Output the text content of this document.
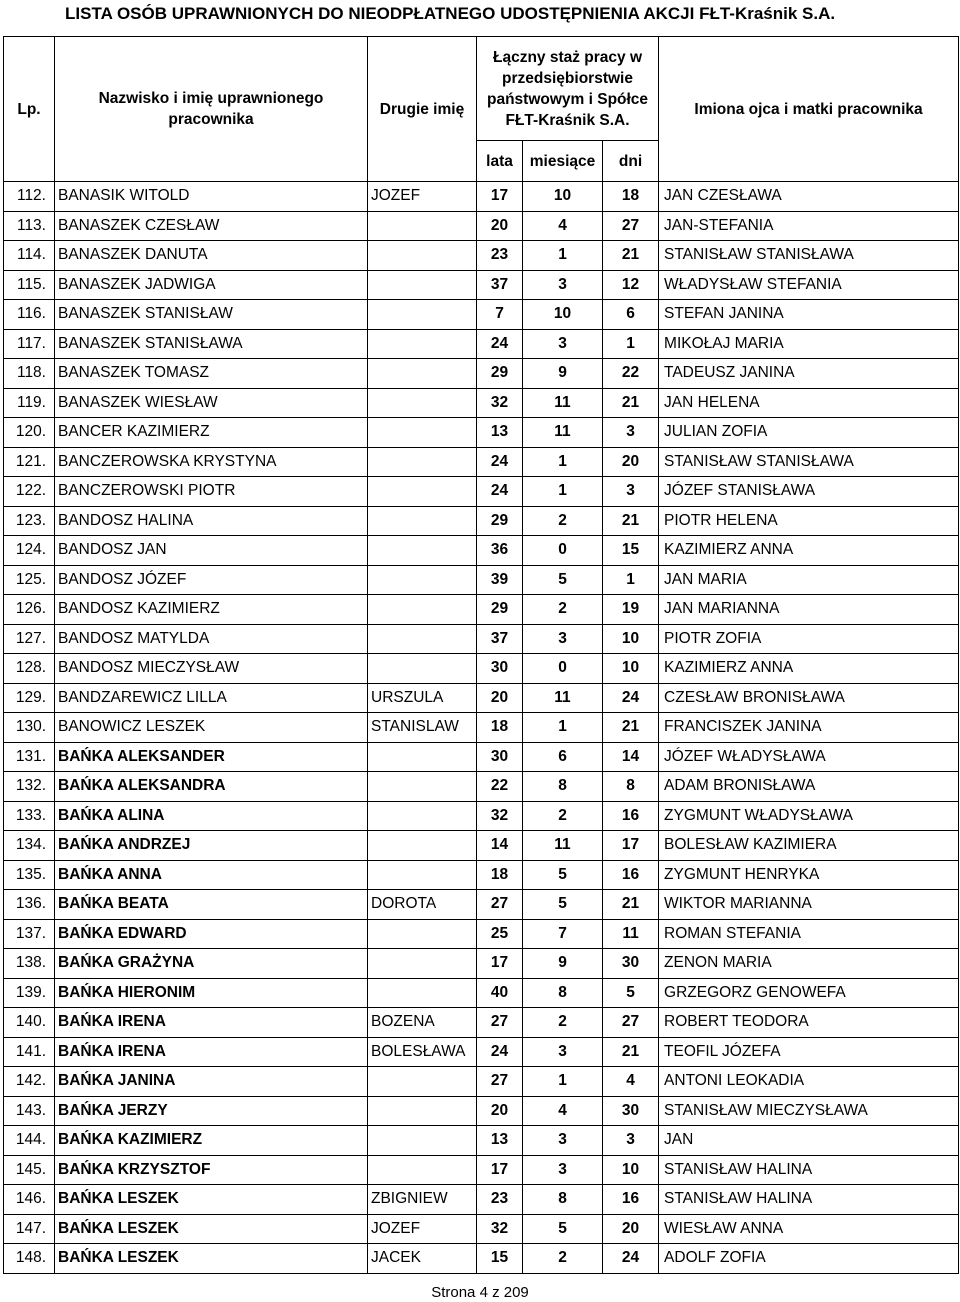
LISTA OSÓB UPRAWNIONYCH DO NIEODPŁATNEGO UDOSTĘPNIENIA AKCJI FŁT-Kraśnik S.A.
Lp.	Nazwisko i imię uprawnionego pracownika	Drugie imię	Łączny staż pracy w przedsiębiorstwie państwowym i Spółce FŁT-Kraśnik S.A.			Imiona ojca i matki pracownika
			lata	miesiące	dni	
112.	BANASIK WITOLD	JOZEF	17	10	18	JAN CZESŁAWA
113.	BANASZEK CZESŁAW		20	4	27	JAN-STEFANIA
114.	BANASZEK DANUTA		23	1	21	STANISŁAW STANISŁAWA
115.	BANASZEK JADWIGA		37	3	12	WŁADYSŁAW STEFANIA
116.	BANASZEK STANISŁAW		7	10	6	STEFAN JANINA
117.	BANASZEK STANISŁAWA		24	3	1	MIKOŁAJ MARIA
118.	BANASZEK TOMASZ		29	9	22	TADEUSZ JANINA
119.	BANASZEK WIESŁAW		32	11	21	JAN HELENA
120.	BANCER KAZIMIERZ		13	11	3	JULIAN ZOFIA
121.	BANCZEROWSKA KRYSTYNA		24	1	20	STANISŁAW STANISŁAWA
122.	BANCZEROWSKI PIOTR		24	1	3	JÓZEF STANISŁAWA
123.	BANDOSZ HALINA		29	2	21	PIOTR HELENA
124.	BANDOSZ JAN		36	0	15	KAZIMIERZ ANNA
125.	BANDOSZ JÓZEF		39	5	1	JAN MARIA
126.	BANDOSZ KAZIMIERZ		29	2	19	JAN MARIANNA
127.	BANDOSZ MATYLDA		37	3	10	PIOTR ZOFIA
128.	BANDOSZ MIECZYSŁAW		30	0	10	KAZIMIERZ ANNA
129.	BANDZAREWICZ LILLA	URSZULA	20	11	24	CZESŁAW BRONISŁAWA
130.	BANOWICZ LESZEK	STANISLAW	18	1	21	FRANCISZEK JANINA
131.	BAŃKA ALEKSANDER		30	6	14	JÓZEF WŁADYSŁAWA
132.	BAŃKA ALEKSANDRA		22	8	8	ADAM BRONISŁAWA
133.	BAŃKA ALINA		32	2	16	ZYGMUNT WŁADYSŁAWA
134.	BAŃKA ANDRZEJ		14	11	17	BOLESŁAW KAZIMIERA
135.	BAŃKA ANNA		18	5	16	ZYGMUNT HENRYKA
136.	BAŃKA BEATA	DOROTA	27	5	21	WIKTOR MARIANNA
137.	BAŃKA EDWARD		25	7	11	ROMAN STEFANIA
138.	BAŃKA GRAŻYNA		17	9	30	ZENON MARIA
139.	BAŃKA HIERONIM		40	8	5	GRZEGORZ GENOWEFA
140.	BAŃKA IRENA	BOZENA	27	2	27	ROBERT TEODORA
141.	BAŃKA IRENA	BOLESŁAWA	24	3	21	TEOFIL JÓZEFA
142.	BAŃKA JANINA		27	1	4	ANTONI LEOKADIA
143.	BAŃKA JERZY		20	4	30	STANISŁAW MIECZYSŁAWA
144.	BAŃKA KAZIMIERZ		13	3	3	JAN
145.	BAŃKA KRZYSZTOF		17	3	10	STANISŁAW HALINA
146.	BAŃKA LESZEK	ZBIGNIEW	23	8	16	STANISŁAW HALINA
147.	BAŃKA LESZEK	JOZEF	32	5	20	WIESŁAW ANNA
148.	BAŃKA LESZEK	JACEK	15	2	24	ADOLF ZOFIA
Strona 4 z 209
